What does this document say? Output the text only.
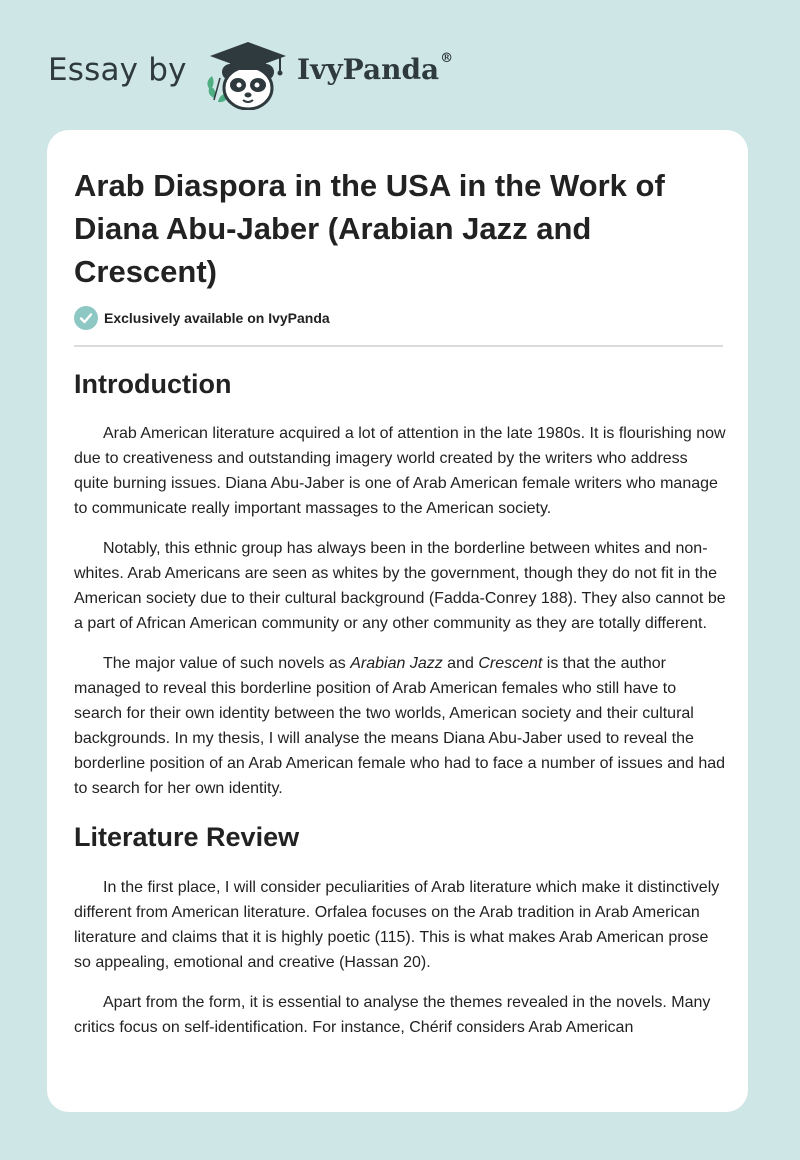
Essay by	IvyPanda®
Arab Diaspora in the USA in the Work of Diana Abu-Jaber (Arabian Jazz and Crescent)
Exclusively available on IvyPanda
Introduction

Arab American literature acquired a lot of attention in the late 1980s. It is flourishing now due to creativeness and outstanding imagery world created by the writers who address quite burning issues. Diana Abu-Jaber is one of Arab American female writers who manage to communicate really important massages to the American society.

Notably, this ethnic group has always been in the borderline between whites and non-whites. Arab Americans are seen as whites by the government, though they do not fit in the American society due to their cultural background (Fadda-Conrey 188). They also cannot be a part of African American community or any other community as they are totally different.

The major value of such novels as Arabian Jazz and Crescent is that the author managed to reveal this borderline position of Arab American females who still have to search for their own identity between the two worlds, American society and their cultural backgrounds. In my thesis, I will analyse the means Diana Abu-Jaber used to reveal the borderline position of an Arab American female who had to face a number of issues and had to search for her own identity.

Literature Review

In the first place, I will consider peculiarities of Arab literature which make it distinctively different from American literature. Orfalea focuses on the Arab tradition in Arab American literature and claims that it is highly poetic (115). This is what makes Arab American prose so appealing, emotional and creative (Hassan 20).

Apart from the form, it is essential to analyse the themes revealed in the novels. Many critics focus on self-identification. For instance, Chérif considers Arab American
